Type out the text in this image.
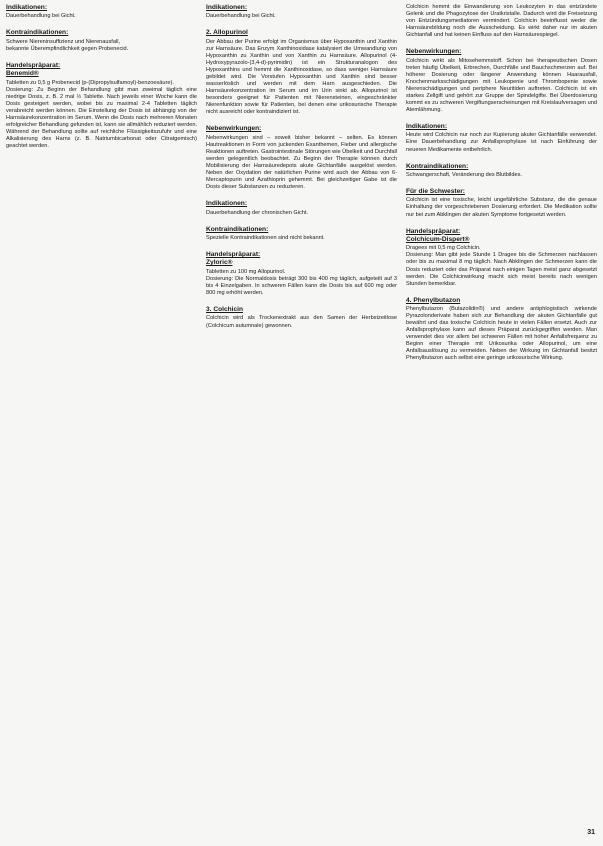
Indikationen:
Dauerbehandlung bei Gicht.
Kontraindikationen:
Schwere Niereninsuffizienz und Nierenausfall,
bekannte Überempfindlichkeit gegen Probenecid.
Handelspräparat:
Benemid®
Tabletten zu 0,5 g Probenecid (p-(Dipropylsulfamoyl)-benzoesäure).
Dosierung: Zu Beginn der Behandlung gibt man zweimal täglich eine niedrige Dosis, z. B. 2 mal ½ Tablette. Nach jeweils einer Woche kann die Dosis gesteigert werden, wobei bis zu maximal 2-4 Tabletten täglich verabreicht werden können. Die Einstellung der Dosis ist abhängig von der Harnsäurekonzentration im Serum. Wenn die Dosis nach mehreren Monaten erfolgreicher Behandlung gefunden ist, kann sie allmählich reduziert werden. Während der Behandlung sollte auf reichliche Flüssigkeitszufuhr und eine Alkalisierung des Harns (z. B. Natriumbicarbonat oder Citratgemisch) geachtet werden.
Indikationen:
Dauerbehandlung bei Gicht.
2. Allopurinol
Der Abbau der Purine erfolgt im Organismus über Hypoxanthin und Xanthin zur Harnsäure. Das Enzym Xanthinoxidase katalysiert die Umwandlung von Hypoxanthin zu Xanthin und von Xanthin zu Harnsäure. Allopurinol (4-Hydroxypyrazolo-(3,4-d)-pyrimidin) ist ein Strukturanalogon des Hypoxanthins und hemmt die Xanthinoxidase, so dass weniger Harnsäure gebildet wird. Die Vorstufen Hypoxanthin und Xanthin sind besser wasserlöslich und werden mit dem Harn ausgeschieden. Die Harnsäurekonzentration im Serum und im Urin sinkt ab. Allopurinol ist besonders geeignet für Patienten mit Nierensteinen, eingeschränkter Nierenfunktion sowie für Patienten, bei denen eine urikosurische Therapie nicht ausreicht oder kontraindiziert ist.
Nebenwirkungen:
Nebenwirkungen sind – soweit bisher bekannt – selten. Es können Hautreaktionen in Form von juckenden Exanthemen, Fieber und allergische Reaktionen auftreten. Gastrointestinale Störungen wie Übelkeit und Durchfall werden gelegentlich beobachtet. Zu Beginn der Therapie können durch Mobilisierung der Harnsäuredepots akute Gichtanfälle ausgelöst werden. Neben der Oxydation der natürlichen Purine wird auch der Abbau von 6-Mercaptopurin und Azathioprin gehemmt. Bei gleichzeitiger Gabe ist die Dosis dieser Substanzen zu reduzieren.
Indikationen:
Dauerbehandlung der chronischen Gicht.
Kontraindikationen:
Spezielle Kontraindikationen sind nicht bekannt.
Handelspräparat:
Zyloric®
Tabletten zu 100 mg Allopurinol.
Dosierung: Die Normaldosis beträgt 300 bis 400 mg täglich, aufgeteilt auf 3 bis 4 Einzelgaben. In schweren Fällen kann die Dosis bis auf 600 mg oder 800 mg erhöht werden.
3. Colchicin
Colchicin wird als Trockenextrakt aus den Samen der Herbstzeitlose (Colchicum autumnale) gewonnen.
Colchicin hemmt die Einwanderung von Leukozyten in das entzündete Gelenk und die Phagozytose der Uratkristalle. Dadurch wird die Freisetzung von Entzündungsmediatoren vermindert. Colchicin beeinflusst weder die Harnsäurebildung noch die Ausscheidung. Es wirkt daher nur im akuten Gichtanfall und hat keinen Einfluss auf den Harnsäurespiegel.
Nebenwirkungen:
Colchicin wirkt als Mitosehemmstoff. Schon bei therapeutischen Dosen treten häufig Übelkeit, Erbrechen, Durchfälle und Bauchschmerzen auf. Bei höherer Dosierung oder längerer Anwendung können Haarausfall, Knochenmarksschädigungen mit Leukopenie und Thrombopenie sowie Nierenschädigungen und periphere Neuritiden auftreten. Colchicin ist ein starkes Zellgift und gehört zur Gruppe der Spindelgifte. Bei Überdosierung kommt es zu schweren Vergiftungserscheinungen mit Kreislaufversagen und Atemlähmung.
Indikationen:
Heute wird Colchicin nur noch zur Kupierung akuter Gichtanfälle verwendet. Eine Dauerbehandlung zur Anfallsprophylaxe ist nach Einführung der neueren Medikamente entbehrlich.
Kontraindikationen:
Schwangerschaft, Veränderung des Blutbildes.
Für die Schwester:
Colchicin ist eine toxische, leicht ungefährliche Substanz, die die genaue Einhaltung der vorgeschriebenen Dosierung erfordert. Die Medikation sollte nur bei zum Abklingen der akuten Symptome fortgesetzt werden.
Handelspräparat:
Colchicum-Dispert®
Dragees mit 0,5 mg Colchicin.
Dosierung: Man gibt jede Stunde 1 Dragee bis die Schmerzen nachlassen oder bis zu maximal 8 mg täglich. Nach Abklingen der Schmerzen kann die Dosis reduziert oder das Präparat nach einigen Tagen meist ganz abgesetzt werden. Die Colchicinwirkung macht sich meist bereits nach wenigen Stunden bemerkbar.
4. Phenylbutazon
Phenylbutazon (Butazolidin®) und andere antiphlogistisch wirkende Pyrazolonderivate haben sich zur Behandlung der akuten Gichtanfälle gut bewährt und das toxische Colchicin heute in vielen Fällen ersetzt. Auch zur Anfallsprophylaxe kann auf dieses Präparat zurückgegriffen werden. Man verwendet dies vor allem bei schweren Fällen mit hoher Anfallsfrequenz zu Beginn einer Therapie mit Urikosurika oder Allopurinol, um eine Anfallsauslösung zu vermeiden. Neben der Wirkung im Gichtanfall besitzt Phenylbutazon auch selbst eine geringe urikosurische Wirkung.
31
